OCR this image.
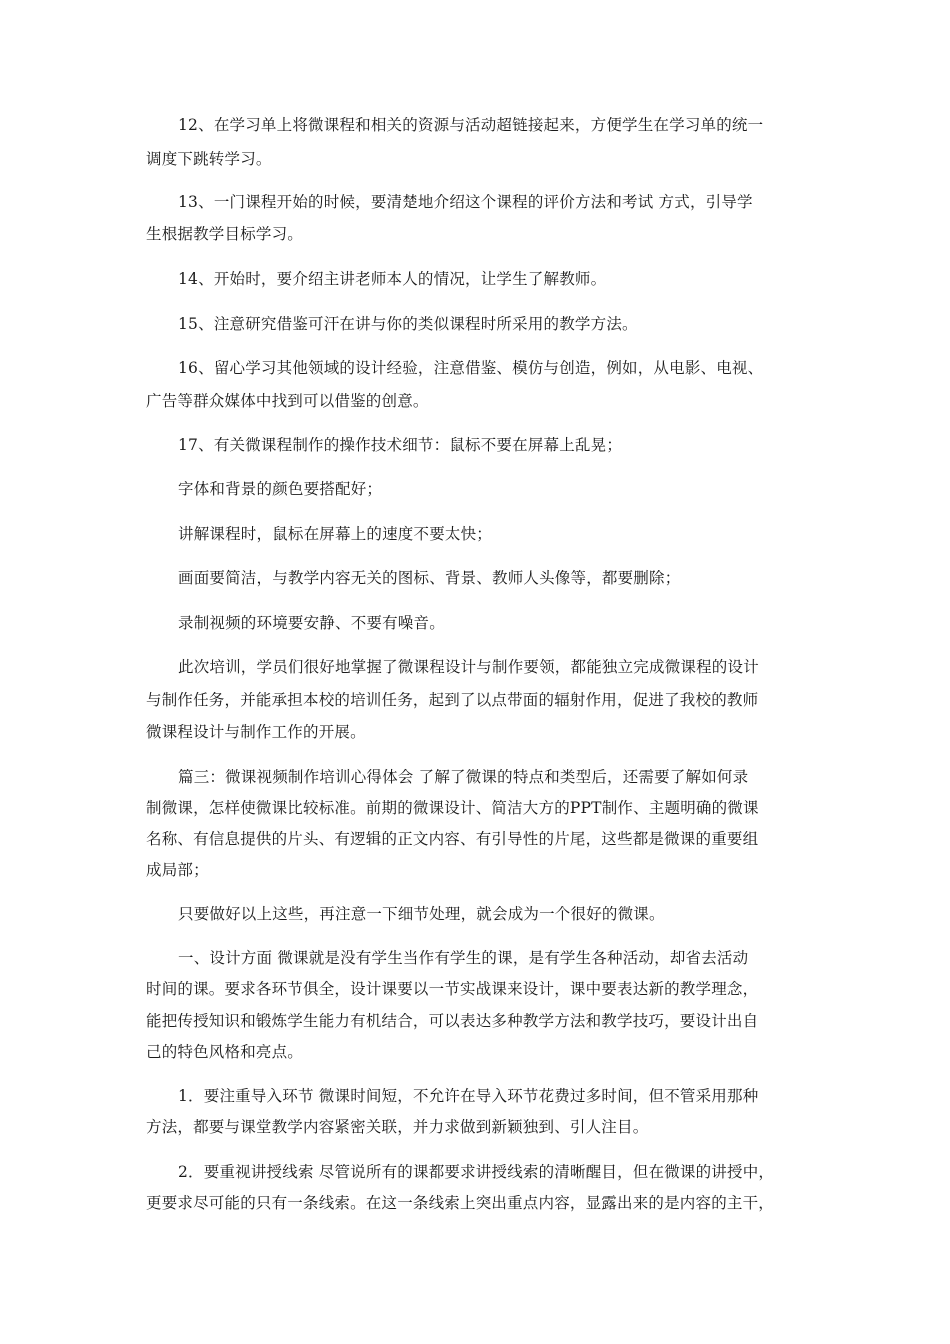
12、在学习单上将微课程和相关的资源与活动超链接起来，方便学生在学习单的统一
调度下跳转学习。
13、一门课程开始的时候，要清楚地介绍这个课程的评价方法和考试 方式，引导学
生根据教学目标学习。
14、开始时，要介绍主讲老师本人的情况，让学生了解教师。
15、注意研究借鉴可汗在讲与你的类似课程时所采用的教学方法。
16、留心学习其他领域的设计经验，注意借鉴、模仿与创造，例如，从电影、电视、
广告等群众媒体中找到可以借鉴的创意。
17、有关微课程制作的操作技术细节：鼠标不要在屏幕上乱晃；
字体和背景的颜色要搭配好；
讲解课程时，鼠标在屏幕上的速度不要太快；
画面要简洁，与教学内容无关的图标、背景、教师人头像等，都要删除；
录制视频的环境要安静、不要有噪音。
此次培训，学员们很好地掌握了微课程设计与制作要领，都能独立完成微课程的设计
与制作任务，并能承担本校的培训任务，起到了以点带面的辐射作用，促进了我校的教师
微课程设计与制作工作的开展。
篇三：微课视频制作培训心得体会 了解了微课的特点和类型后，还需要了解如何录
制微课，怎样使微课比较标准。前期的微课设计、简洁大方的PPT制作、主题明确的微课
名称、有信息提供的片头、有逻辑的正文内容、有引导性的片尾，这些都是微课的重要组
成局部；
只要做好以上这些，再注意一下细节处理，就会成为一个很好的微课。
一、设计方面 微课就是没有学生当作有学生的课，是有学生各种活动，却省去活动
时间的课。要求各环节俱全，设计课要以一节实战课来设计，课中要表达新的教学理念，
能把传授知识和锻炼学生能力有机结合，可以表达多种教学方法和教学技巧，要设计出自
己的特色风格和亮点。
1．要注重导入环节 微课时间短，不允许在导入环节花费过多时间，但不管采用那种
方法，都要与课堂教学内容紧密关联，并力求做到新颖独到、引人注目。
2．要重视讲授线索 尽管说所有的课都要求讲授线索的清晰醒目，但在微课的讲授中，
更要求尽可能的只有一条线索。在这一条线索上突出重点内容，显露出来的是内容的主干，
